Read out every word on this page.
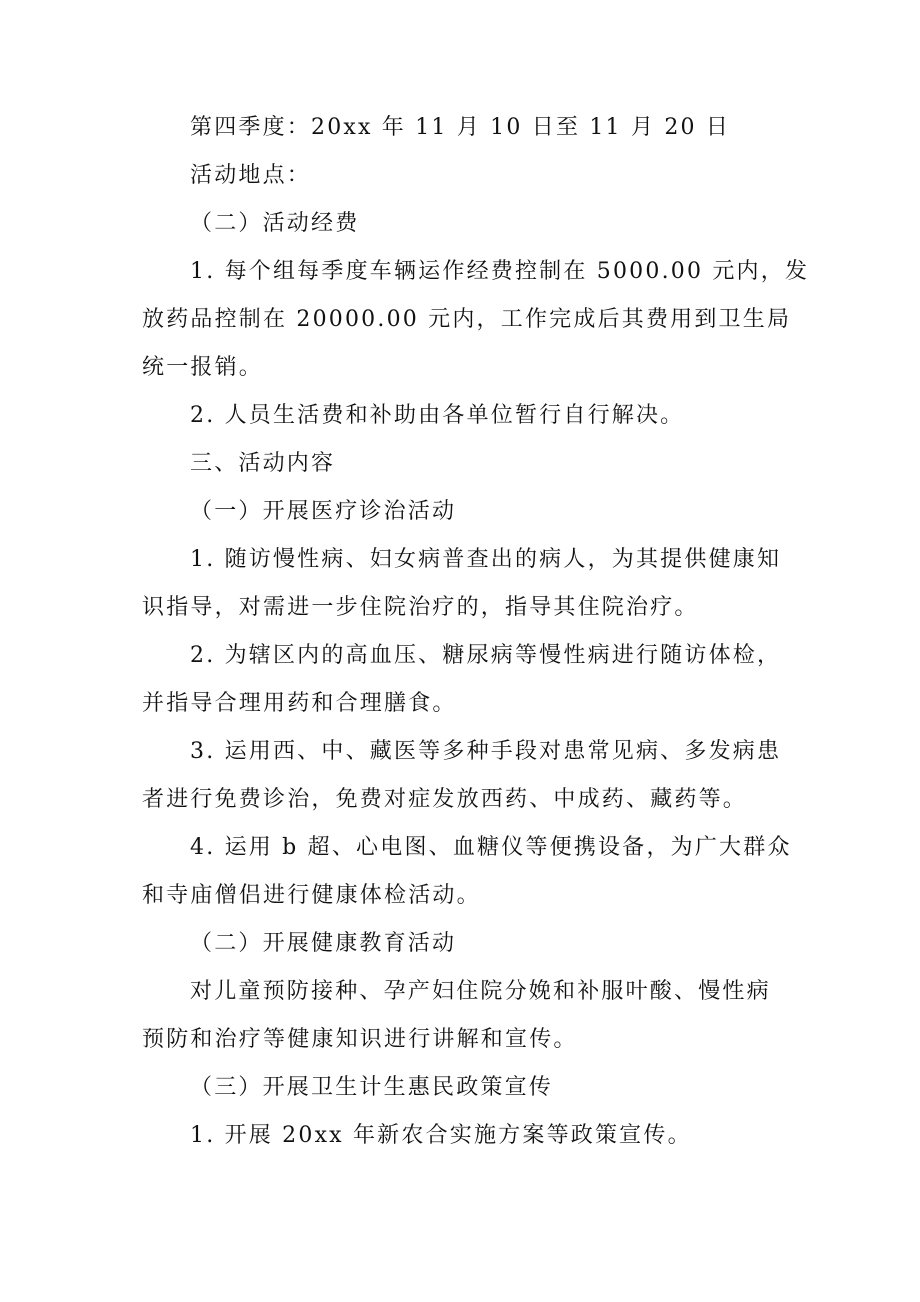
第四季度：20xx 年 11 月 10 日至 11 月 20 日
活动地点：
（二）活动经费
1. 每个组每季度车辆运作经费控制在 5000.00 元内，发
放药品控制在 20000.00 元内，工作完成后其费用到卫生局
统一报销。
2. 人员生活费和补助由各单位暂行自行解决。
三、活动内容
（一）开展医疗诊治活动
1. 随访慢性病、妇女病普查出的病人，为其提供健康知
识指导，对需进一步住院治疗的，指导其住院治疗。
2. 为辖区内的高血压、糖尿病等慢性病进行随访体检，
并指导合理用药和合理膳食。
3. 运用西、中、藏医等多种手段对患常见病、多发病患
者进行免费诊治，免费对症发放西药、中成药、藏药等。
4. 运用 b 超、心电图、血糖仪等便携设备，为广大群众
和寺庙僧侣进行健康体检活动。
（二）开展健康教育活动
对儿童预防接种、孕产妇住院分娩和补服叶酸、慢性病
预防和治疗等健康知识进行讲解和宣传。
（三）开展卫生计生惠民政策宣传
1. 开展 20xx 年新农合实施方案等政策宣传。
